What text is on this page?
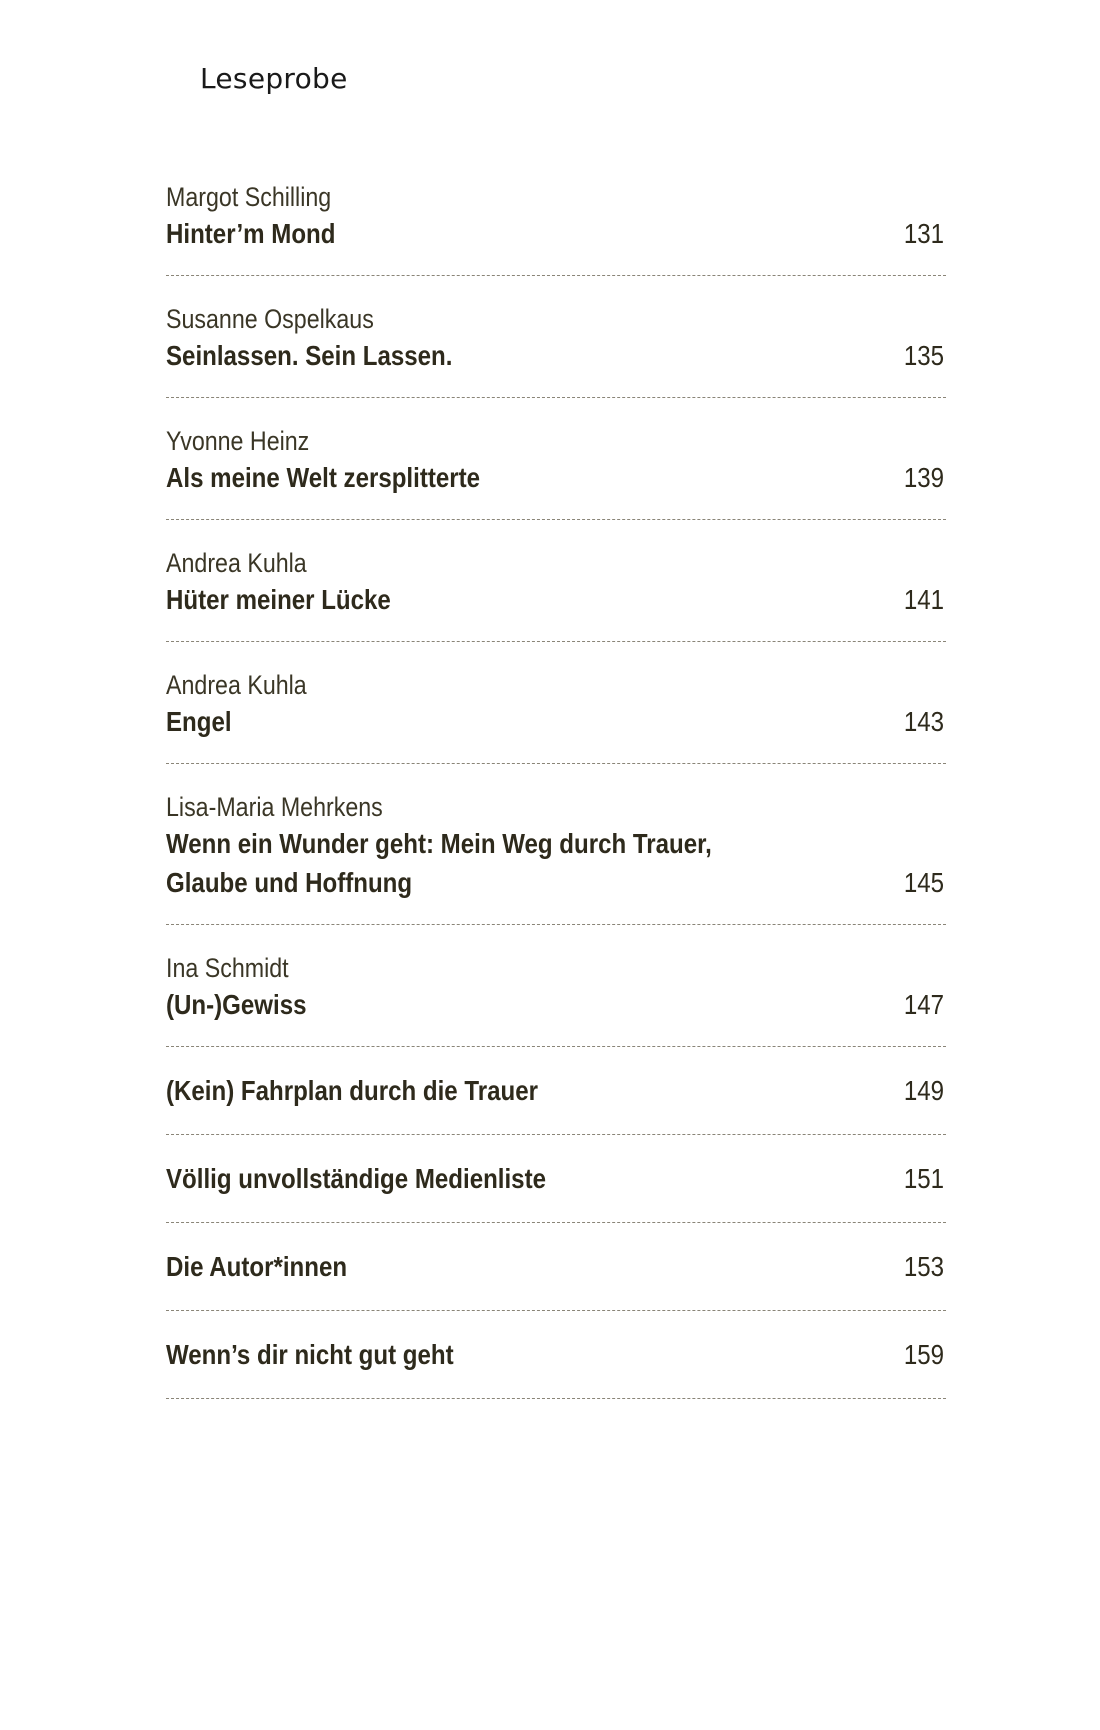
Leseprobe
Margot Schilling
Hinter’m Mond	131
Susanne Ospelkaus
Seinlassen. Sein Lassen.	135
Yvonne Heinz
Als meine Welt zersplitterte	139
Andrea Kuhla
Hüter meiner Lücke	141
Andrea Kuhla
Engel	143
Lisa-Maria Mehrkens
Wenn ein Wunder geht: Mein Weg durch Trauer,
Glaube und Hoffnung	145
Ina Schmidt
(Un-)Gewiss	147
(Kein) Fahrplan durch die Trauer	149
Völlig unvollständige Medienliste	151
Die Autor*innen	153
Wenn’s dir nicht gut geht	159
